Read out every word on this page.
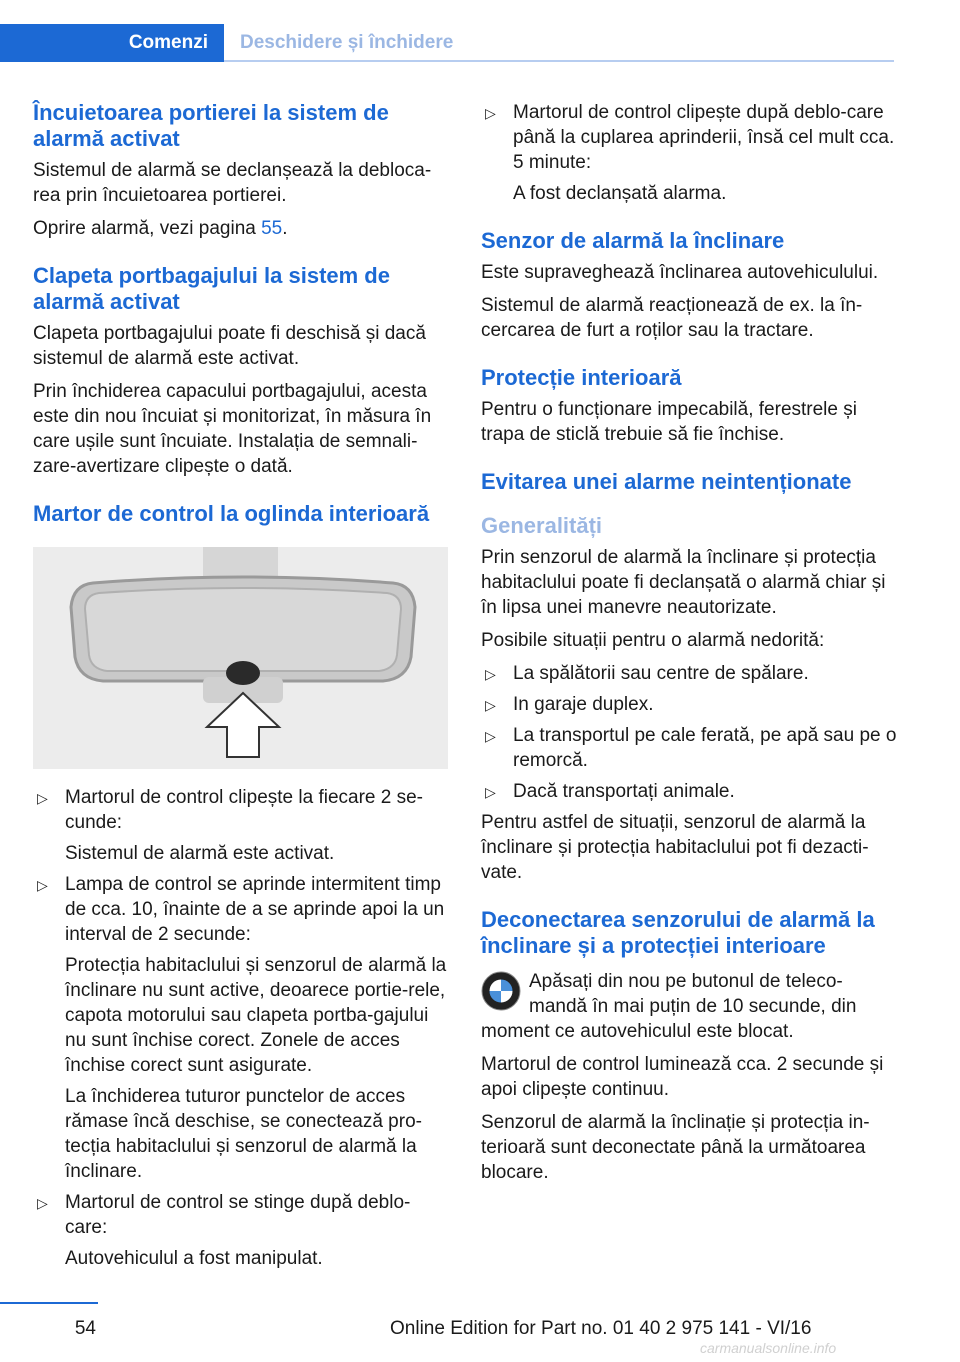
Comenzi	Deschidere și închidere
Încuietoarea portierei la sistem de alarmă activat

Sistemul de alarmă se declanșează la debloca‐rea prin încuietoarea portierei.

Oprire alarmă, vezi pagina 55.

Clapeta portbagajului la sistem de alarmă activat

Clapeta portbagajului poate fi deschisă și dacă sistemul de alarmă este activat.

Prin închiderea capacului portbagajului, acesta este din nou încuiat și monitorizat, în măsura în care ușile sunt încuiate. Instalația de semnali‐zare-avertizare clipește o dată.

Martor de control la oglinda interioară
▷ Martorul de control clipește la fiecare 2 se‐cunde:

Sistemul de alarmă este activat.

▷ Lampa de control se aprinde intermitent timp de cca. 10, înainte de a se aprinde apoi la un interval de 2 secunde:

Protecția habitaclului și senzorul de alarmă la înclinare nu sunt active, deoarece portie‐rele, capota motorului sau clapeta portba‐gajului nu sunt închise corect. Zonele de acces închise corect sunt asigurate.

La închiderea tuturor punctelor de acces rămase încă deschise, se conectează pro‐tecția habitaclului și senzorul de alarmă la înclinare.

▷ Martorul de control se stinge după deblo‐care:

Autovehiculul a fost manipulat.

▷ Martorul de control clipește după deblo‐care până la cuplarea aprinderii, însă cel mult cca. 5 minute:

A fost declanșată alarma.

Senzor de alarmă la înclinare

Este supraveghează înclinarea autovehiculului.

Sistemul de alarmă reacționează de ex. la în‐cercarea de furt a roților sau la tractare.

Protecție interioară

Pentru o funcționare impecabilă, ferestrele și trapa de sticlă trebuie să fie închise.

Evitarea unei alarme neintenționate
Generalități

Prin senzorul de alarmă la înclinare și protecția habitaclului poate fi declanșată o alarmă chiar și în lipsa unei manevre neautorizate.

Posibile situații pentru o alarmă nedorită:

▷ La spălătorii sau centre de spălare.

▷ In garaje duplex.

▷ La transportul pe cale ferată, pe apă sau pe o remorcă.

▷ Dacă transportați animale.

Pentru astfel de situații, senzorul de alarmă la înclinare și protecția habitaclului pot fi dezacti‐vate.

Deconectarea senzorului de alarmă la înclinare și a protecției interioare

Apăsați din nou pe butonul de teleco‐mandă în mai puțin de 10 secunde, din moment ce autovehiculul este blocat.

Martorul de control luminează cca. 2 secunde și apoi clipește continuu.

Senzorul de alarmă la înclinație și protecția in‐terioară sunt deconectate până la următoarea blocare.

54	Online Edition for Part no. 01 40 2 975 141 - VI/16
carmanualsonline.info
